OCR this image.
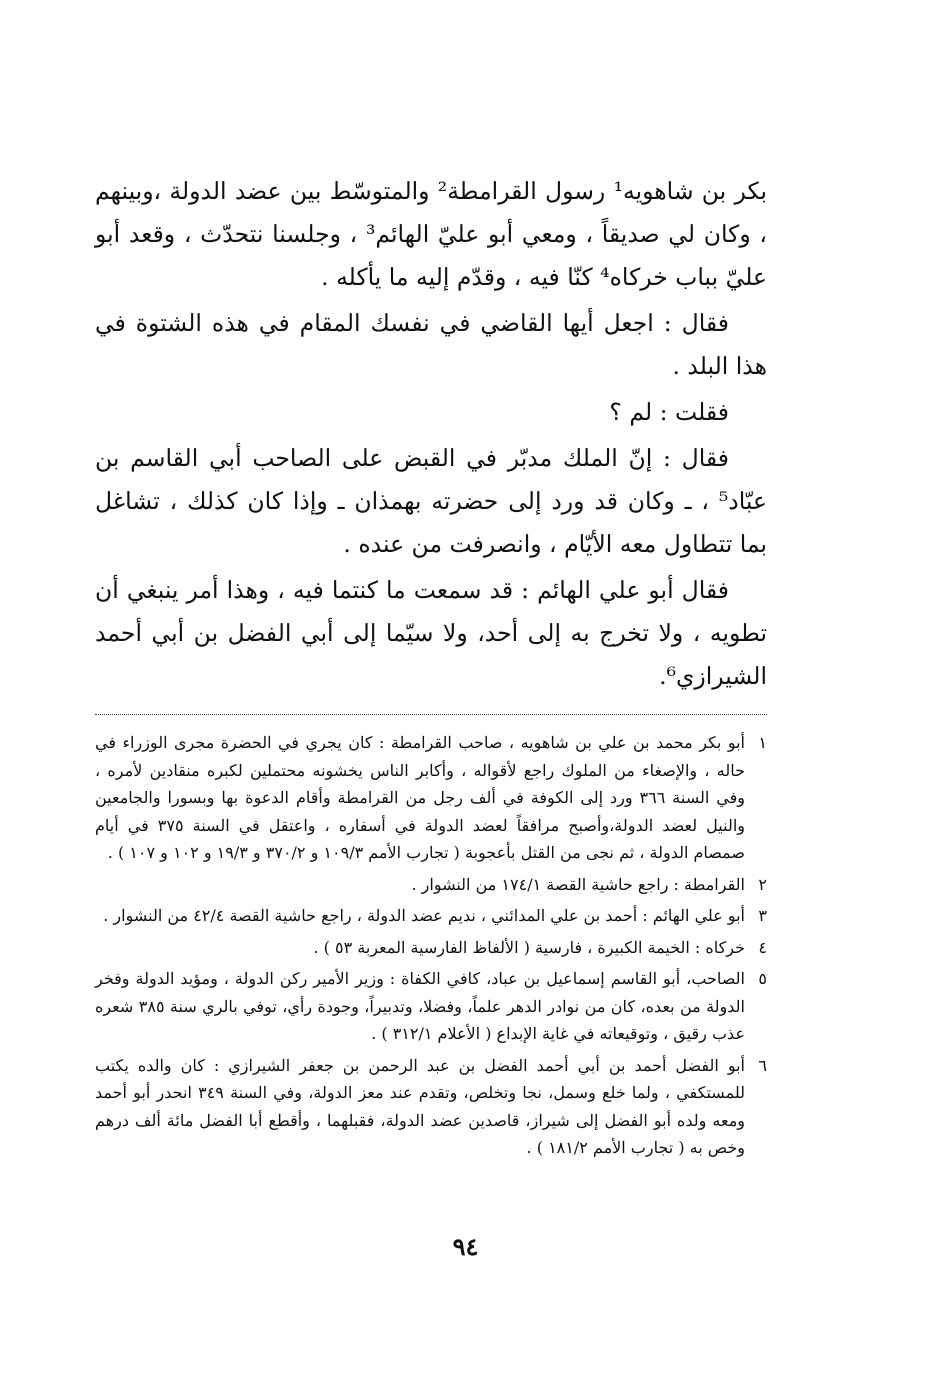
بكر بن شاهويه¹ رسول القرامطة² والمتوسّط بين عضد الدولة ،وبينهم ، وكان لي صديقاً ، ومعي أبو عليّ الهائم³ ، وجلسنا نتحدّث ، وقعد أبو عليّ بباب خركاه⁴ كنّا فيه ، وقدّم إليه ما يأكله .

فقال : اجعل أيها القاضي في نفسك المقام في هذه الشتوة في هذا البلد .

فقلت : لم ؟

فقال : إنّ الملك مدبّر في القبض على الصاحب أبي القاسم بن عبّاد⁵ ، ـ وكان قد ورد إلى حضرته بهمذان ـ وإذا كان كذلك ، تشاغل بما تتطاول معه الأيّام ، وانصرفت من عنده .

فقال أبو علي الهائم : قد سمعت ما كنتما فيه ، وهذا أمر ينبغي أن تطويه ، ولا تخرج به إلى أحد، ولا سيّما إلى أبي الفضل بن أبي أحمد الشيرازي⁶.

١
أبو بكر محمد بن علي بن شاهويه ، صاحب القرامطة : كان يجري في الحضرة مجرى الوزراء في حاله ، والإصغاء من الملوك راجع لأقواله ، وأكابر الناس يخشونه محتملين لكبره منقادين لأمره ، وفي السنة ٣٦٦ ورد إلى الكوفة في ألف رجل من القرامطة وأقام الدعوة بها وبسورا والجامعين والنيل لعضد الدولة،وأصبح مرافقاً لعضد الدولة في أسفاره ، واعتقل في السنة ٣٧٥ في أيام صمصام الدولة ، ثم نجى من القتل بأعجوبة ( تجارب الأمم ١٠٩/٣ و ٣٧٠/٢ و ١٩/٣ و ١٠٢ و ١٠٧ ) .
٢
القرامطة : راجع حاشية القصة ١٧٤/١ من النشوار .
٣
أبو علي الهائم : أحمد بن علي المدائني ، نديم عضد الدولة ، راجع حاشية القصة ٤٢/٤ من النشوار .
٤
خركاه : الخيمة الكبيرة ، فارسية ( الألفاظ الفارسية المعربة ٥٣ ) .
٥
الصاحب، أبو القاسم إسماعيل بن عباد، كافي الكفاة : وزير الأمير ركن الدولة ، ومؤيد الدولة وفخر الدولة من بعده، كان من نوادر الدهر علماً، وفضلا، وتدبيراً، وجودة رأي، توفي بالري سنة ٣٨٥ شعره عذب رقيق ، وتوقيعاته في غاية الإبداع ( الأعلام ٣١٢/١ ) .
٦
أبو الفضل أحمد بن أبي أحمد الفضل بن عبد الرحمن بن جعفر الشيرازي : كان والده يكتب للمستكفي ، ولما خلع وسمل، نجا وتخلص، وتقدم عند معز الدولة، وفي السنة ٣٤٩ انحدر أبو أحمد ومعه ولده أبو الفضل إلى شيراز، قاصدين عضد الدولة، فقبلهما ، وأقطع أبا الفضل مائة ألف درهم وخص به ( تجارب الأمم ١٨١/٢ ) .
٩٤
